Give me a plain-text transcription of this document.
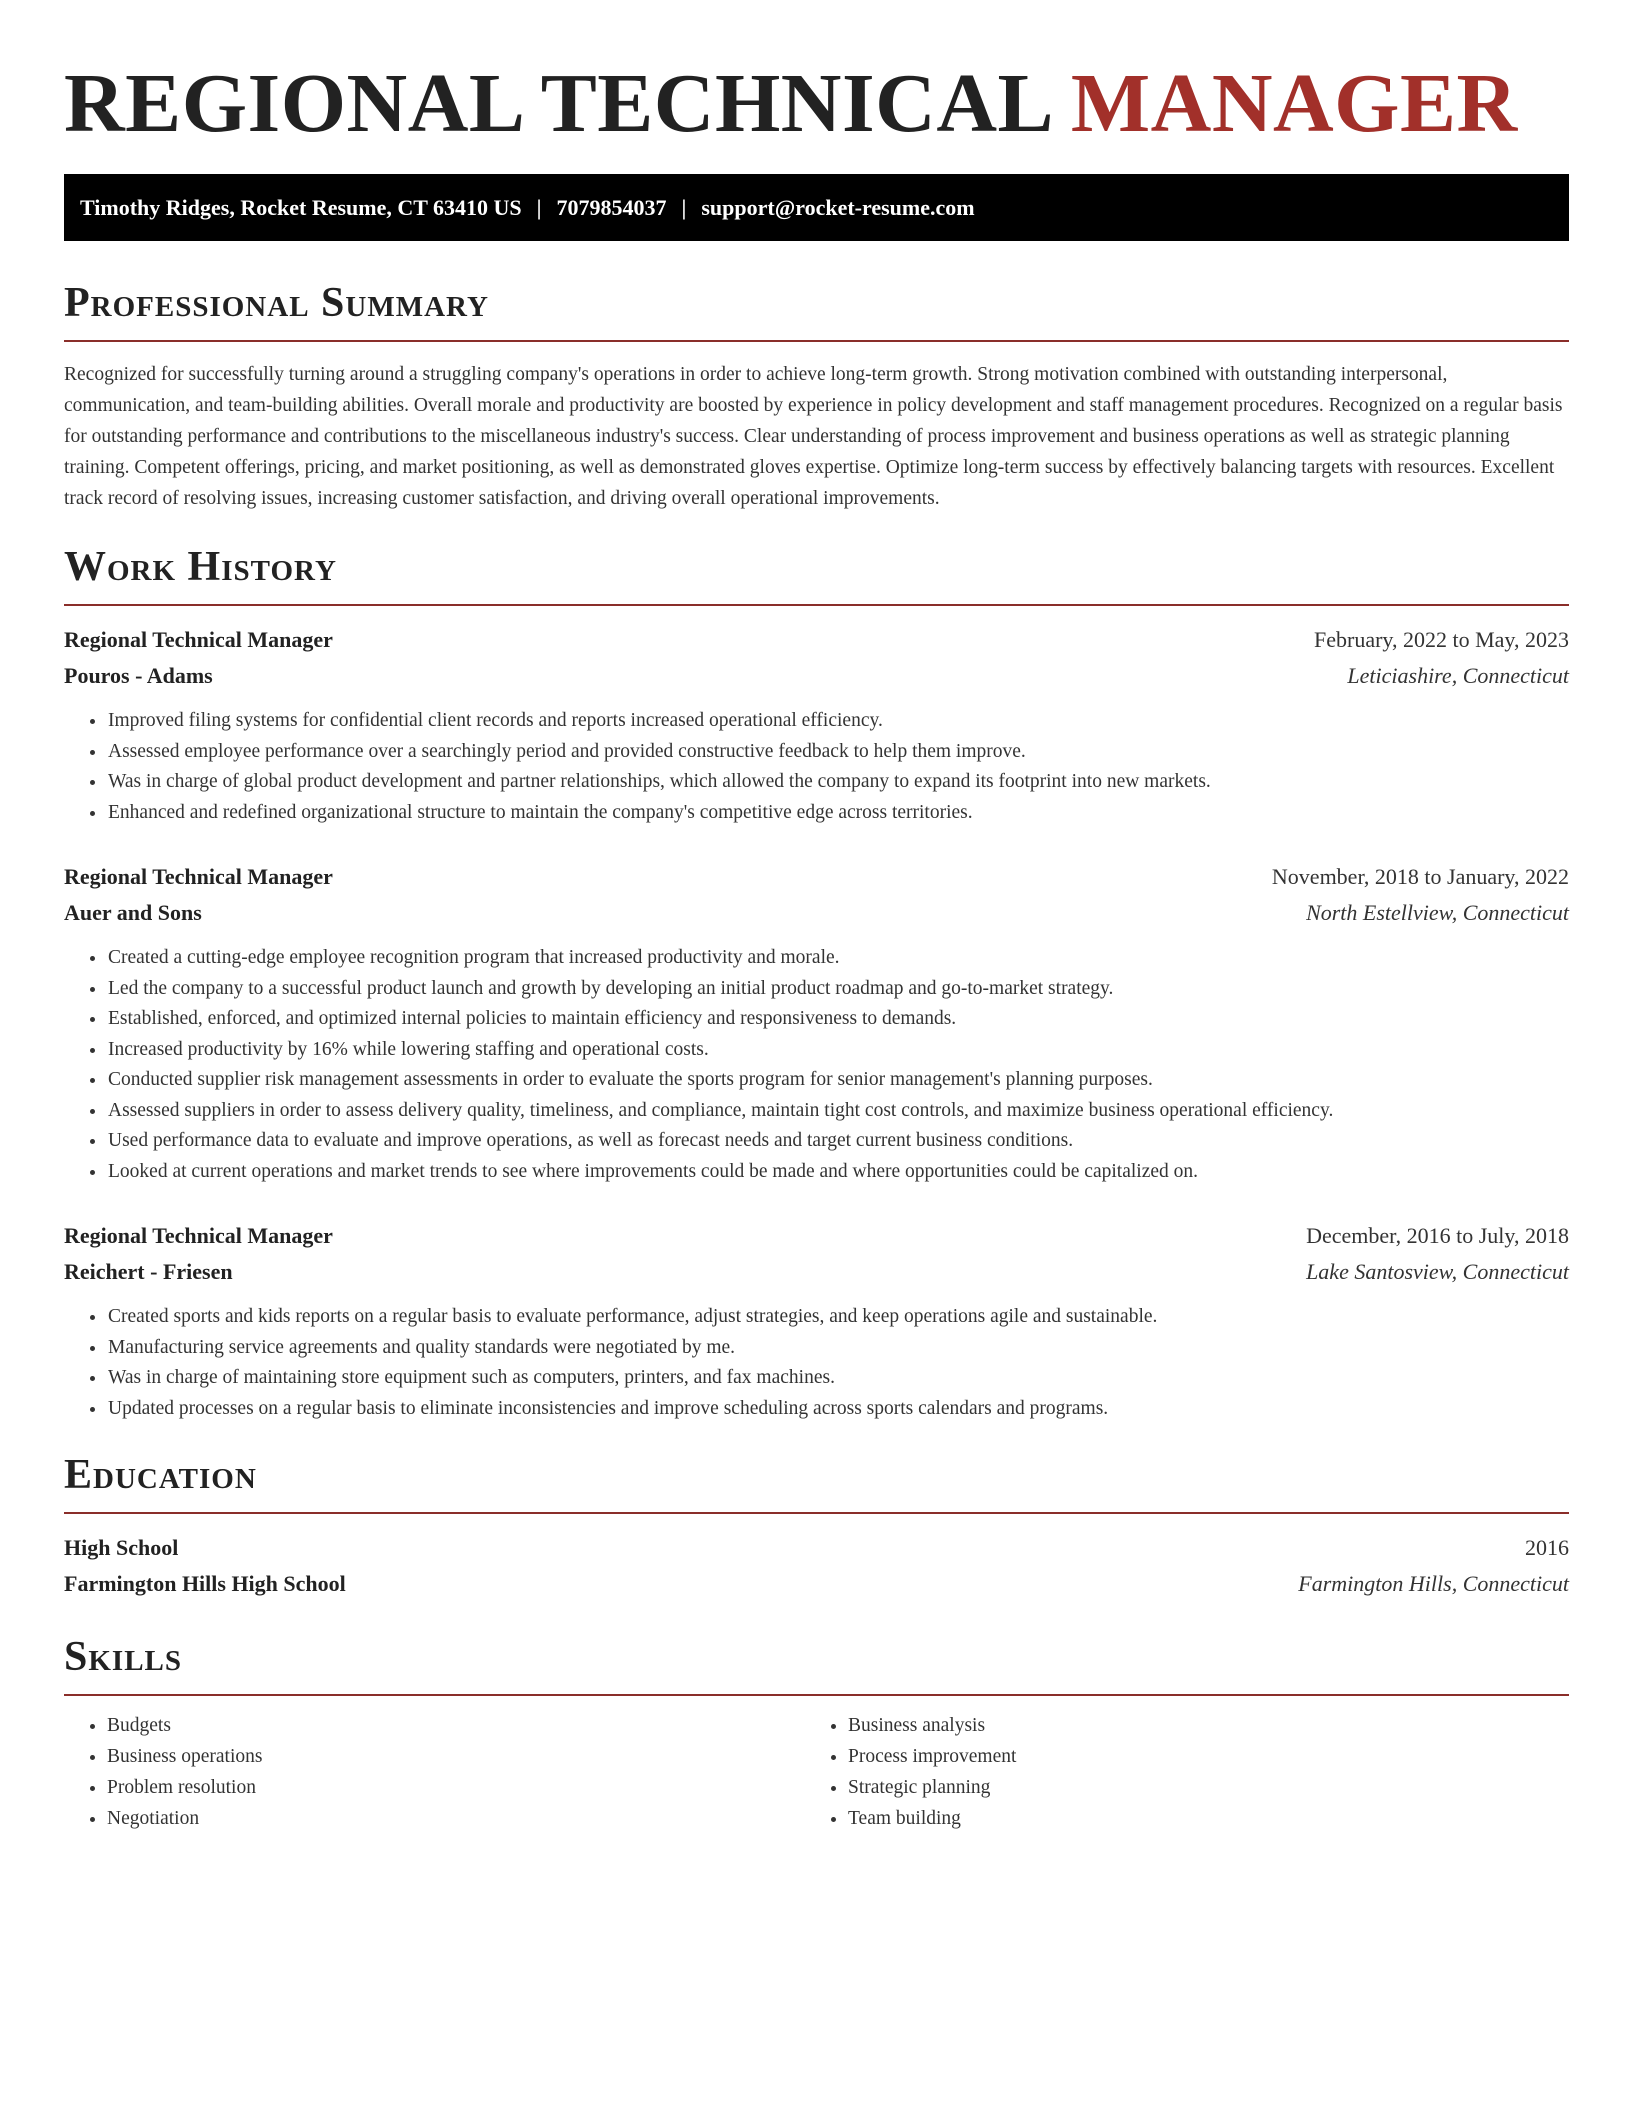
REGIONAL TECHNICAL MANAGER
Timothy Ridges, Rocket Resume, CT 63410 US | 7079854037 | support@rocket-resume.com
Professional Summary

Recognized for successfully turning around a struggling company's operations in order to achieve long-term growth. Strong motivation combined with outstanding interpersonal, communication, and team-building abilities. Overall morale and productivity are boosted by experience in policy development and staff management procedures. Recognized on a regular basis for outstanding performance and contributions to the miscellaneous industry's success. Clear understanding of process improvement and business operations as well as strategic planning training. Competent offerings, pricing, and market positioning, as well as demonstrated gloves expertise. Optimize long-term success by effectively balancing targets with resources. Excellent track record of resolving issues, increasing customer satisfaction, and driving overall operational improvements.

Work History
Regional Technical Manager	February, 2022 to May, 2023
Pouros - Adams	Leticiashire, Connecticut
• Improved filing systems for confidential client records and reports increased operational efficiency.
• Assessed employee performance over a searchingly period and provided constructive feedback to help them improve.
• Was in charge of global product development and partner relationships, which allowed the company to expand its footprint into new markets.
• Enhanced and redefined organizational structure to maintain the company's competitive edge across territories.
Regional Technical Manager	November, 2018 to January, 2022
Auer and Sons	North Estellview, Connecticut
• Created a cutting-edge employee recognition program that increased productivity and morale.
• Led the company to a successful product launch and growth by developing an initial product roadmap and go-to-market strategy.
• Established, enforced, and optimized internal policies to maintain efficiency and responsiveness to demands.
• Increased productivity by 16% while lowering staffing and operational costs.
• Conducted supplier risk management assessments in order to evaluate the sports program for senior management's planning purposes.
• Assessed suppliers in order to assess delivery quality, timeliness, and compliance, maintain tight cost controls, and maximize business operational efficiency.
• Used performance data to evaluate and improve operations, as well as forecast needs and target current business conditions.
• Looked at current operations and market trends to see where improvements could be made and where opportunities could be capitalized on.
Regional Technical Manager	December, 2016 to July, 2018
Reichert - Friesen	Lake Santosview, Connecticut
• Created sports and kids reports on a regular basis to evaluate performance, adjust strategies, and keep operations agile and sustainable.
• Manufacturing service agreements and quality standards were negotiated by me.
• Was in charge of maintaining store equipment such as computers, printers, and fax machines.
• Updated processes on a regular basis to eliminate inconsistencies and improve scheduling across sports calendars and programs.
Education
High School	2016
Farmington Hills High School	Farmington Hills, Connecticut
Skills
• Budgets
• Business operations
• Problem resolution
• Negotiation
• Business analysis
• Process improvement
• Strategic planning
• Team building
